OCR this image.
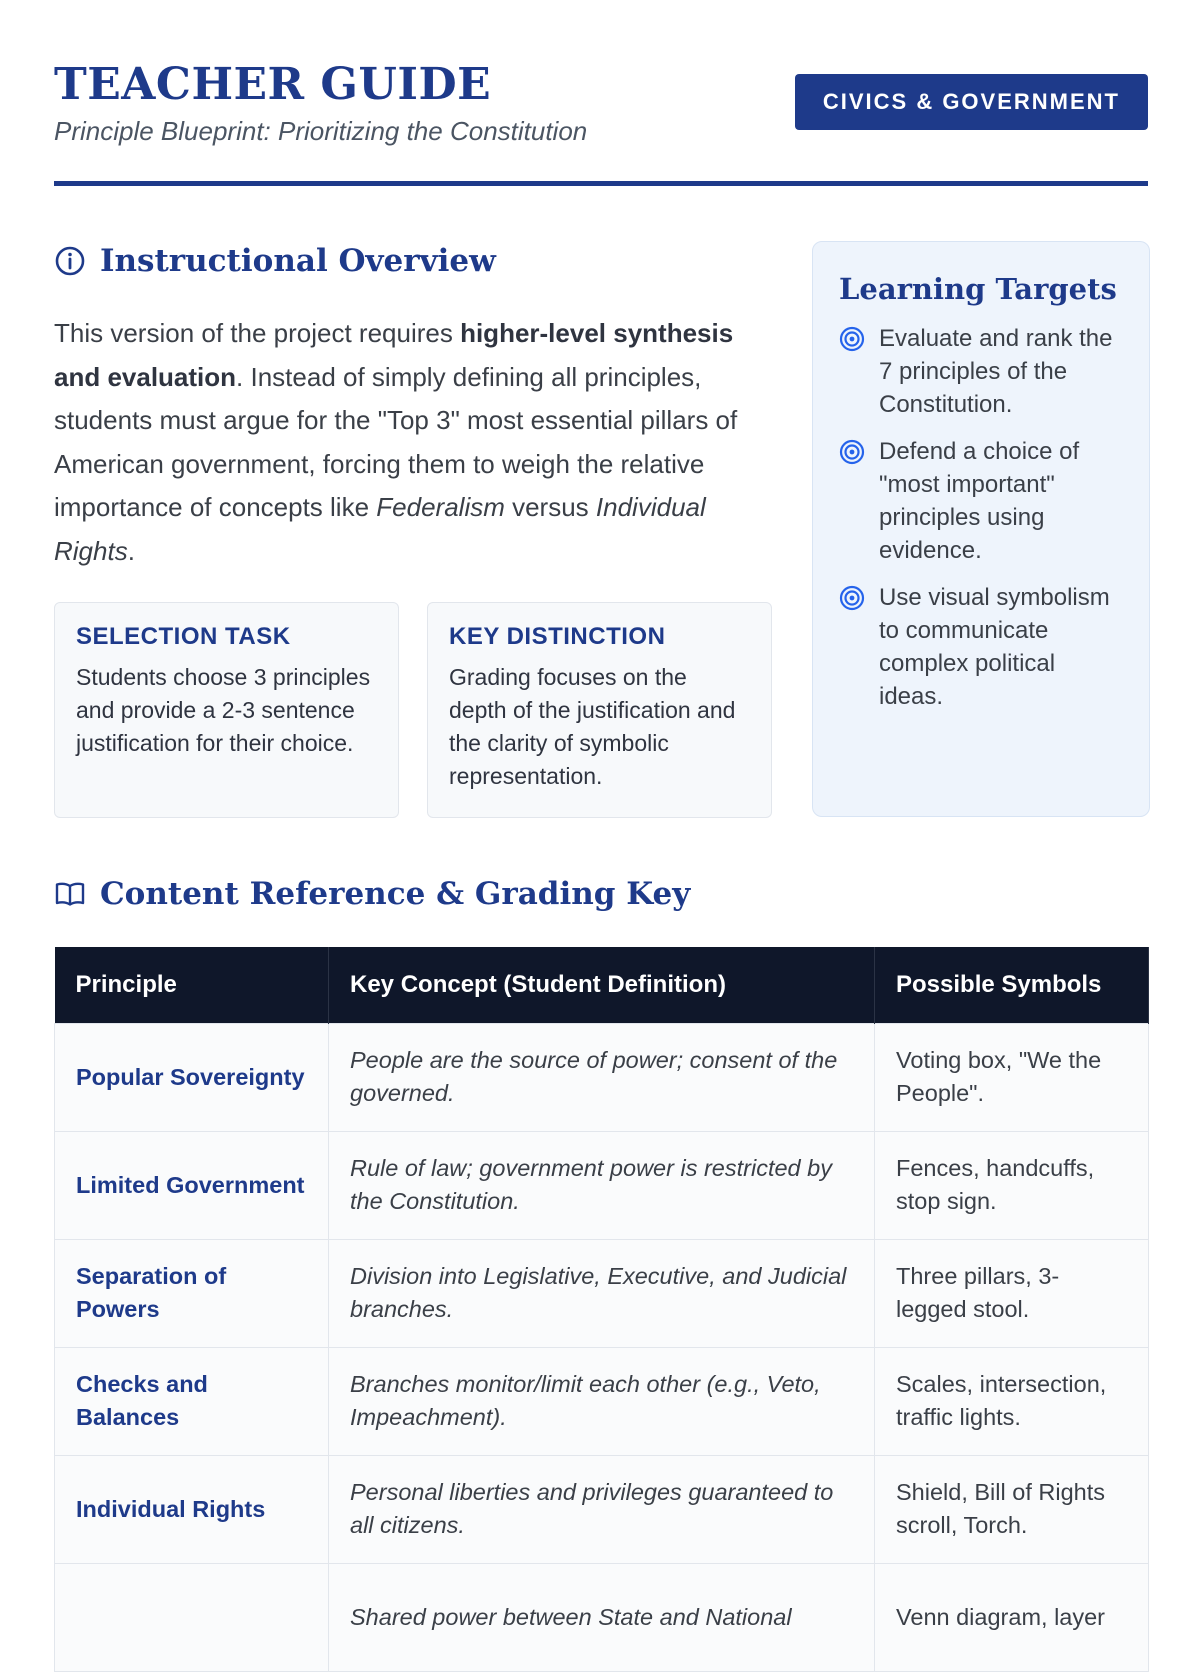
TEACHER GUIDE
Principle Blueprint: Prioritizing the Constitution
CIVICS & GOVERNMENT
Instructional Overview
This version of the project requires higher-level synthesis and evaluation. Instead of simply defining all principles, students must argue for the "Top 3" most essential pillars of American government, forcing them to weigh the relative importance of concepts like Federalism versus Individual Rights.
SELECTION TASK

Students choose 3 principles and provide a 2-3 sentence justification for their choice.

KEY DISTINCTION

Grading focuses on the depth of the justification and the clarity of symbolic representation.

Learning Targets
Evaluate and rank the 7 principles of the Constitution.
Defend a choice of "most important" principles using evidence.
Use visual symbolism to communicate complex political ideas.
Content Reference & Grading Key
Principle	Key Concept (Student Definition)	Possible Symbols
Popular Sovereignty	People are the source of power; consent of the governed.	Voting box, "We the People".
Limited Government	Rule of law; government power is restricted by the Constitution.	Fences, handcuffs, stop sign.
Separation of Powers	Division into Legislative, Executive, and Judicial branches.	Three pillars, 3-legged stool.
Checks and Balances	Branches monitor/limit each other (e.g., Veto, Impeachment).	Scales, intersection, traffic lights.
Individual Rights	Personal liberties and privileges guaranteed to all citizens.	Shield, Bill of Rights scroll, Torch.
	Shared power between State and National	Venn diagram, layer
